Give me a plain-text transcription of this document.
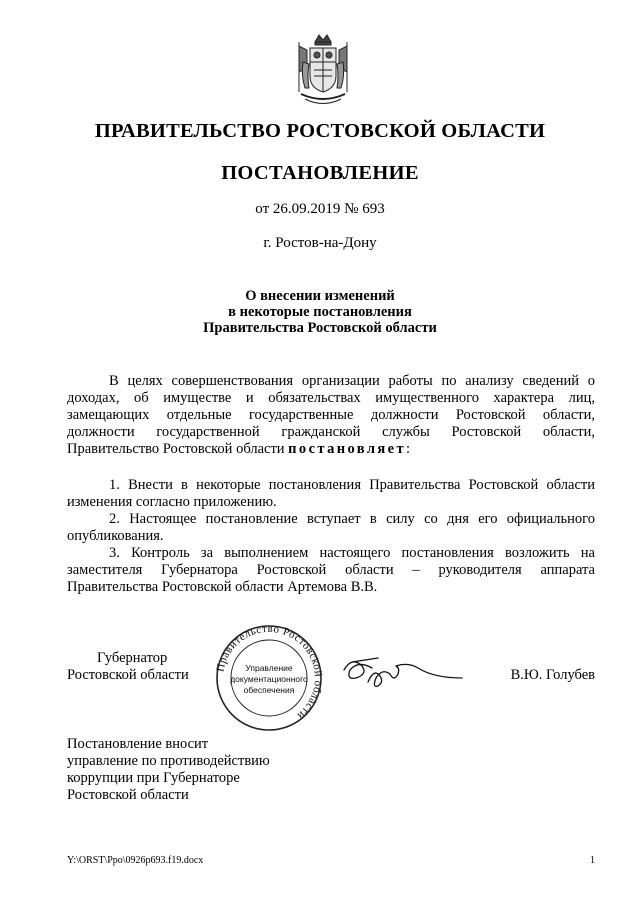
ПРАВИТЕЛЬСТВО РОСТОВСКОЙ ОБЛАСТИ
ПОСТАНОВЛЕНИЕ
от 26.09.2019 № 693
г. Ростов-на-Дону
О внесении изменений
в некоторые постановления
Правительства Ростовской области
В целях совершенствования организации работы по анализу сведений о доходах, об имуществе и обязательствах имущественного характера лиц, замещающих отдельные государственные должности Ростовской области, должности государственной гражданской службы Ростовской области, Правительство Ростовской области постановляет:
1. Внести в некоторые постановления Правительства Ростовской области изменения согласно приложению.
2. Настоящее постановление вступает в силу со дня его официального опубликования.
3. Контроль за выполнением настоящего постановления возложить на заместителя Губернатора Ростовской области – руководителя аппарата Правительства Ростовской области Артемова В.В.
Губернатор
Ростовской области	Правительство Ростовской области
Управление
документационного
обеспечения
В.Ю. Голубев
Постановление вносит
управление по противодействию
коррупции при Губернаторе
Ростовской области
Y:\ORST\Ppo\0926p693.f19.docx	1
